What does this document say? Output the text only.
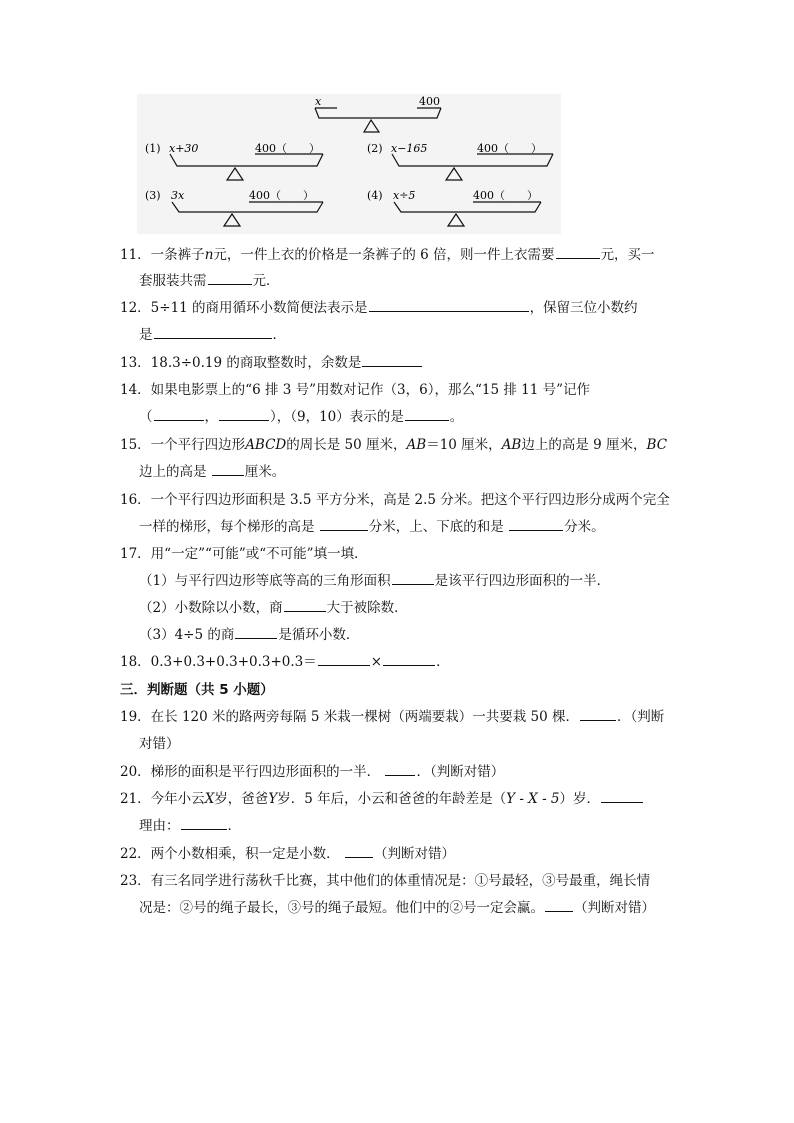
x	400
(1) x+30	400（　　）	(2) x−165	400（　　）
(3) 3x	400（　　）	(4) x÷5	400（　　）
11．一条裤子n元，一件上衣的价格是一条裤子的 6 倍，则一件上衣需要	元，买一
套服装共需	元．
12．5÷11 的商用循环小数简便法表示是	，保留三位小数约
是	．
13．18.3÷0.19 的商取整数时，余数是
14．如果电影票上的“6 排 3 号”用数对记作（3，6），那么“15 排 11 号”记作
（	，	），（9，10）表示的是	。
15．一个平行四边形ABCD的周长是 50 厘米，AB＝10 厘米，AB边上的高是 9 厘米，BC
边上的高是	厘米。
16．一个平行四边形面积是 3.5 平方分米，高是 2.5 分米。把这个平行四边形分成两个完全
一样的梯形，每个梯形的高是	分米，上、下底的和是	分米。
17．用“一定”“可能”或“不可能”填一填．
（1）与平行四边形等底等高的三角形面积	是该平行四边形面积的一半．
（2）小数除以小数，商	大于被除数．
（3）4÷5 的商	是循环小数．
18．0.3+0.3+0.3+0.3+0.3＝	×	．
三．判断题（共 5 小题）
19．在长 120 米的路两旁每隔 5 米栽一棵树（两端要栽）一共要栽 50 棵．	．（判断
对错）
20．梯形的面积是平行四边形面积的一半．	．（判断对错）
21．今年小云X岁，爸爸Y岁．5 年后，小云和爸爸的年龄差是（Y - X - 5）岁．
理由：	．
22．两个小数相乘，积一定是小数．	（判断对错）
23．有三名同学进行荡秋千比赛，其中他们的体重情况是：①号最轻，③号最重，绳长情
况是：②号的绳子最长，③号的绳子最短。他们中的②号一定会赢。 （判断对错）
